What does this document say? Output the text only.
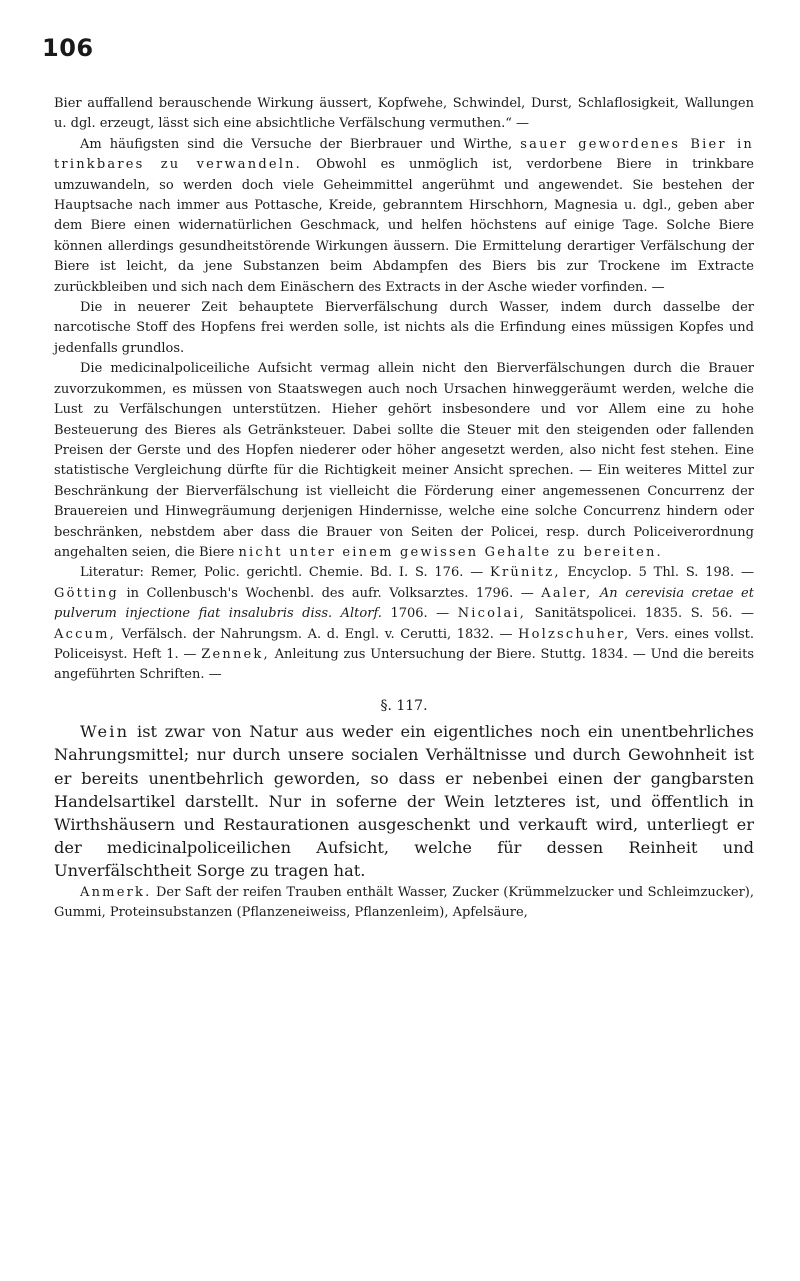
106

Bier auffallend berauschende Wirkung äussert, Kopfwehe, Schwindel, Durst, Schlaflosigkeit, Wallungen u. dgl. erzeugt, lässt sich eine absichtliche Verfälschung vermuthen.“ —

Am häufigsten sind die Versuche der Bierbrauer und Wirthe, sauer gewordenes Bier in trinkbares zu verwandeln. Obwohl es unmöglich ist, verdorbene Biere in trinkbare umzuwandeln, so werden doch viele Geheimmittel angerühmt und angewendet. Sie bestehen der Hauptsache nach immer aus Pottasche, Kreide, gebranntem Hirschhorn, Magnesia u. dgl., geben aber dem Biere einen widernatürlichen Geschmack, und helfen höchstens auf einige Tage. Solche Biere können allerdings gesundheitstörende Wirkungen äussern. Die Ermittelung derartiger Verfälschung der Biere ist leicht, da jene Substanzen beim Abdampfen des Biers bis zur Trockene im Extracte zurückbleiben und sich nach dem Einäschern des Extracts in der Asche wieder vorfinden. —

Die in neuerer Zeit behauptete Bierverfälschung durch Wasser, indem durch dasselbe der narcotische Stoff des Hopfens frei werden solle, ist nichts als die Erfindung eines müssigen Kopfes und jedenfalls grundlos.

Die medicinalpoliceiliche Aufsicht vermag allein nicht den Bierverfälschungen durch die Brauer zuvorzukommen, es müssen von Staatswegen auch noch Ursachen hinweggeräumt werden, welche die Lust zu Verfälschungen unterstützen. Hieher gehört insbesondere und vor Allem eine zu hohe Besteuerung des Bieres als Getränksteuer. Dabei sollte die Steuer mit den steigenden oder fallenden Preisen der Gerste und des Hopfen niederer oder höher angesetzt werden, also nicht fest stehen. Eine statistische Vergleichung dürfte für die Richtigkeit meiner Ansicht sprechen. — Ein weiteres Mittel zur Beschränkung der Bierverfälschung ist vielleicht die Förderung einer angemessenen Concurrenz der Brauereien und Hinwegräumung derjenigen Hindernisse, welche eine solche Concurrenz hindern oder beschränken, nebstdem aber dass die Brauer von Seiten der Policei, resp. durch Policeiverordnung angehalten seien, die Biere nicht unter einem gewissen Gehalte zu bereiten.

Literatur: Remer, Polic. gerichtl. Chemie. Bd. I. S. 176. — Krünitz, Encyclop. 5 Thl. S. 198. — Götting in Collenbusch's Wochenbl. des aufr. Volksarztes. 1796. — Aaler, An cerevisia cretae et pulverum injectione fiat insalubris diss. Altorf. 1706. — Nicolai, Sanitätspolicei. 1835. S. 56. — Accum, Verfälsch. der Nahrungsm. A. d. Engl. v. Cerutti, 1832. — Holzschuher, Vers. eines vollst. Policeisyst. Heft 1. — Zennek, Anleitung zus Untersuchung der Biere. Stuttg. 1834. — Und die bereits angeführten Schriften. —

§. 117.

Wein ist zwar von Natur aus weder ein eigentliches noch ein unentbehrliches Nahrungsmittel; nur durch unsere socialen Verhältnisse und durch Gewohnheit ist er bereits unentbehrlich geworden, so dass er nebenbei einen der gangbarsten Handelsartikel darstellt. Nur in soferne der Wein letzteres ist, und öffentlich in Wirthshäusern und Restaurationen ausgeschenkt und verkauft wird, unterliegt er der medicinalpoliceilichen Aufsicht, welche für dessen Reinheit und Unverfälschtheit Sorge zu tragen hat.

Anmerk. Der Saft der reifen Trauben enthält Wasser, Zucker (Krümmelzucker und Schleimzucker), Gummi, Proteinsubstanzen (Pflanzeneiweiss, Pflanzenleim), Apfelsäure,
